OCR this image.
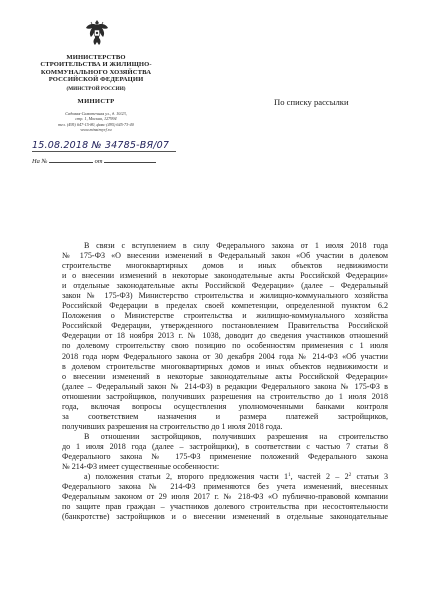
МИНИСТЕРСТВО
СТРОИТЕЛЬСТВА И ЖИЛИЩНО-
КОММУНАЛЬНОГО ХОЗЯЙСТВА
РОССИЙСКОЙ ФЕДЕРАЦИИ
(МИНСТРОЙ РОССИИ)
МИНИСТР
Садовая-Самотечная ул., д. 10/23,
стр. 1, Москва, 127994
тел. (495) 647-15-80, факс (495) 645-73-40
www.minstroyrf.ru
15.08.2018 № 34785-ВЯ/07
На №	от
По списку рассылки
В связи с вступлением в силу Федерального закона от 1 июля 2018 года
№ 175-ФЗ «О внесении изменений в Федеральный закон «Об участии в долевом
строительстве многоквартирных домов и иных объектов недвижимости
и о внесении изменений в некоторые законодательные акты Российской Федерации»
и отдельные законодательные акты Российской Федерации» (далее – Федеральный
закон № 175-ФЗ) Министерство строительства и жилищно-коммунального хозяйства
Российской Федерации в пределах своей компетенции, определенной пунктом 6.2
Положения о Министерстве строительства и жилищно-коммунального хозяйства
Российской Федерации, утвержденного постановлением Правительства Российской
Федерации от 18 ноября 2013 г. № 1038, доводит до сведения участников отношений
по долевому строительству свою позицию по особенностям применения с 1 июля
2018 года норм Федерального закона от 30 декабря 2004 года № 214-ФЗ «Об участии
в долевом строительстве многоквартирных домов и иных объектов недвижимости и
о внесении изменений в некоторые законодательные акты Российской Федерации»
(далее – Федеральный закон № 214-ФЗ) в редакции Федерального закона № 175-ФЗ в
отношении застройщиков, получивших разрешения на строительство до 1 июля 2018
года, включая вопросы осуществления уполномоченными банками контроля
за соответствием назначения и размера платежей застройщиков,
получивших разрешения на строительство до 1 июля 2018 года.
В отношении застройщиков, получивших разрешения на строительство
до 1 июля 2018 года (далее – застройщики), в соответствии с частью 7 статьи 8
Федерального закона № 175-ФЗ применение положений Федерального закона
№ 214-ФЗ имеет существенные особенности:
а) положения статьи 2, второго предложения части $1^1$, частей $2 - 2^2$ статьи 3
Федерального закона № 214-ФЗ применяются без учета изменений, внесенных
Федеральным законом от 29 июля 2017 г. № 218-ФЗ «О публично-правовой компании
по защите прав граждан – участников долевого строительства при несостоятельности
(банкротстве) застройщиков и о внесении изменений в отдельные законодательные
